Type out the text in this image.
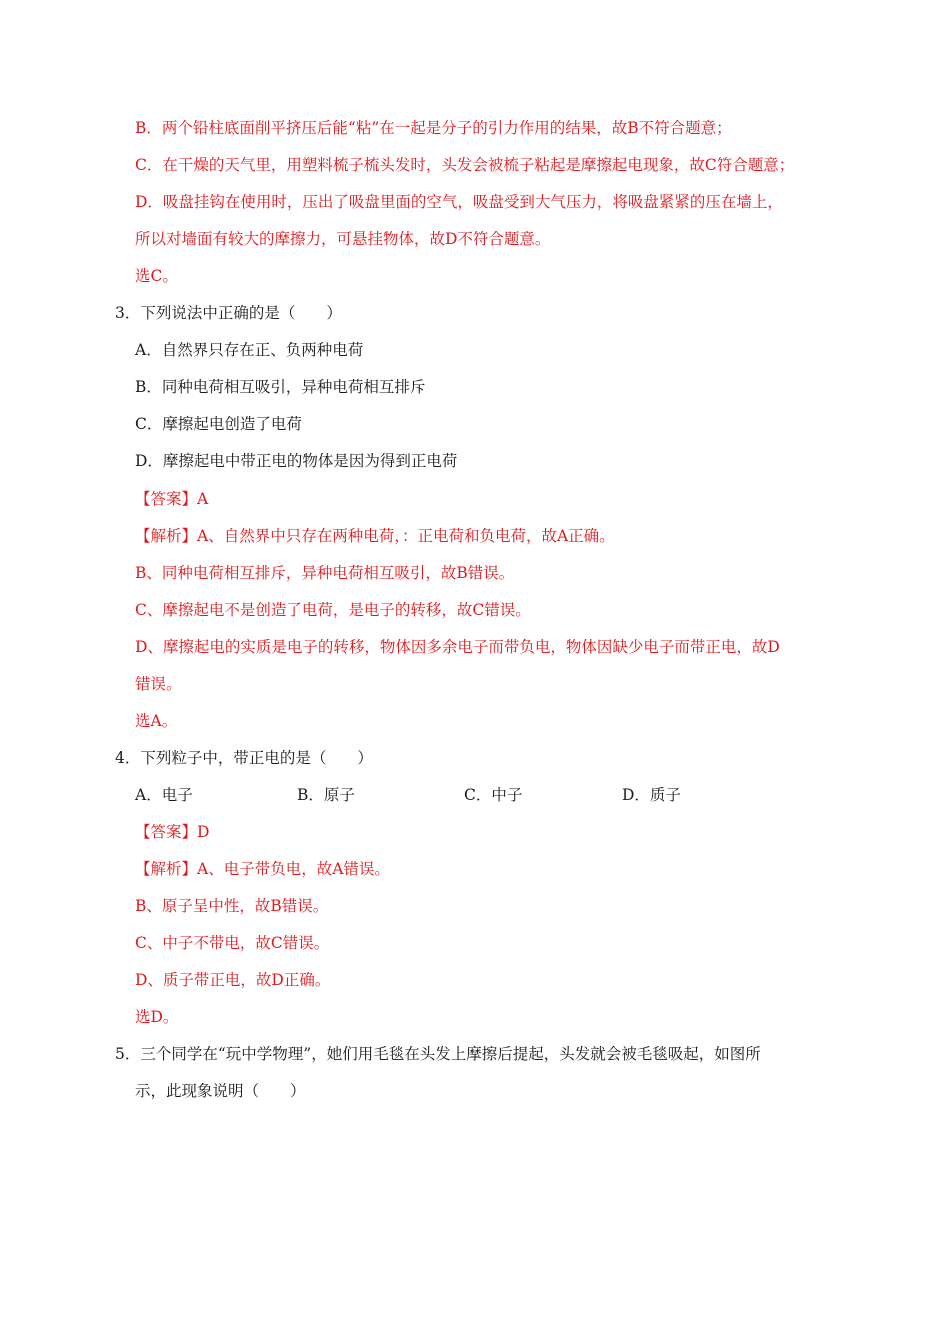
B．两个铅柱底面削平挤压后能“粘”在一起是分子的引力作用的结果，故B不符合题意；
C．在干燥的天气里，用塑料梳子梳头发时，头发会被梳子粘起是摩擦起电现象，故C符合题意；
D．吸盘挂钩在使用时，压出了吸盘里面的空气，吸盘受到大气压力，将吸盘紧紧的压在墙上，
所以对墙面有较大的摩擦力，可悬挂物体，故D不符合题意。
选C。
3．下列说法中正确的是（　　）
A．自然界只存在正、负两种电荷
B．同种电荷相互吸引，异种电荷相互排斥
C．摩擦起电创造了电荷
D．摩擦起电中带正电的物体是因为得到正电荷
【答案】A
【解析】A、自然界中只存在两种电荷，：正电荷和负电荷，故A正确。
B、同种电荷相互排斥，异种电荷相互吸引，故B错误。
C、摩擦起电不是创造了电荷，是电子的转移，故C错误。
D、摩擦起电的实质是电子的转移，物体因多余电子而带负电，物体因缺少电子而带正电，故D
错误。
选A。
4．下列粒子中，带正电的是（　　）
A．电子	B．原子	C．中子	D．质子
【答案】D
【解析】A、电子带负电，故A错误。
B、原子呈中性，故B错误。
C、中子不带电，故C错误。
D、质子带正电，故D正确。
选D。
5．三个同学在“玩中学物理”，她们用毛毯在头发上摩擦后提起，头发就会被毛毯吸起，如图所
示，此现象说明（　　）
